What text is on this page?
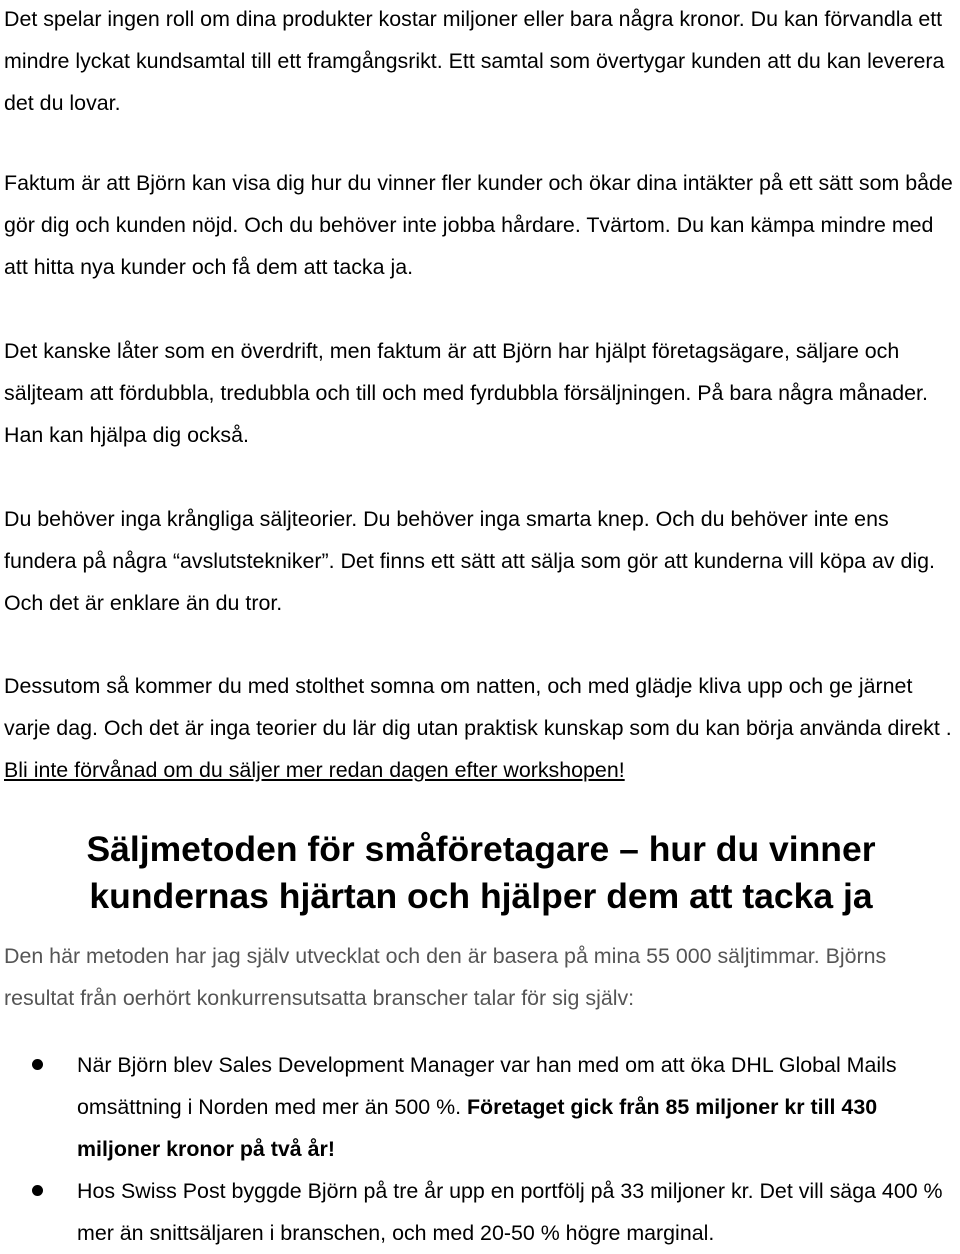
Det spelar ingen roll om dina produkter kostar miljoner eller bara några kronor. Du kan förvandla ett mindre lyckat kundsamtal till ett framgångsrikt. Ett samtal som övertygar kunden att du kan leverera det du lovar.

Faktum är att Björn kan visa dig hur du vinner fler kunder och ökar dina intäkter på ett sätt som både gör dig och kunden nöjd. Och du behöver inte jobba hårdare. Tvärtom. Du kan kämpa mindre med att hitta nya kunder och få dem att tacka ja.

Det kanske låter som en överdrift, men faktum är att Björn har hjälpt företagsägare, säljare och säljteam att fördubbla, tredubbla och till och med fyrdubbla försäljningen. På bara några månader. Han kan hjälpa dig också.

Du behöver inga krångliga säljteorier. Du behöver inga smarta knep. Och du behöver inte ens fundera på några “avslutstekniker”. Det finns ett sätt att sälja som gör att kunderna vill köpa av dig. Och det är enklare än du tror.

Dessutom så kommer du med stolthet somna om natten, och med glädje kliva upp och ge järnet varje dag. Och det är inga teorier du lär dig utan praktisk kunskap som du kan börja använda direkt . Bli inte förvånad om du säljer mer redan dagen efter workshopen!

Säljmetoden för småföretagare – hur du vinner kundernas hjärtan och hjälper dem att tacka ja

Den här metoden har jag själv utvecklat och den är basera på mina 55 000 säljtimmar. Björns resultat från oerhört konkurrensutsatta branscher talar för sig själv:

När Björn blev Sales Development Manager var han med om att öka DHL Global Mails omsättning i Norden med mer än 500 %. Företaget gick från 85 miljoner kr till 430 miljoner kronor på två år!
Hos Swiss Post byggde Björn på tre år upp en portfölj på 33 miljoner kr. Det vill säga 400 % mer än snittsäljaren i branschen, och med 20-50 % högre marginal.
